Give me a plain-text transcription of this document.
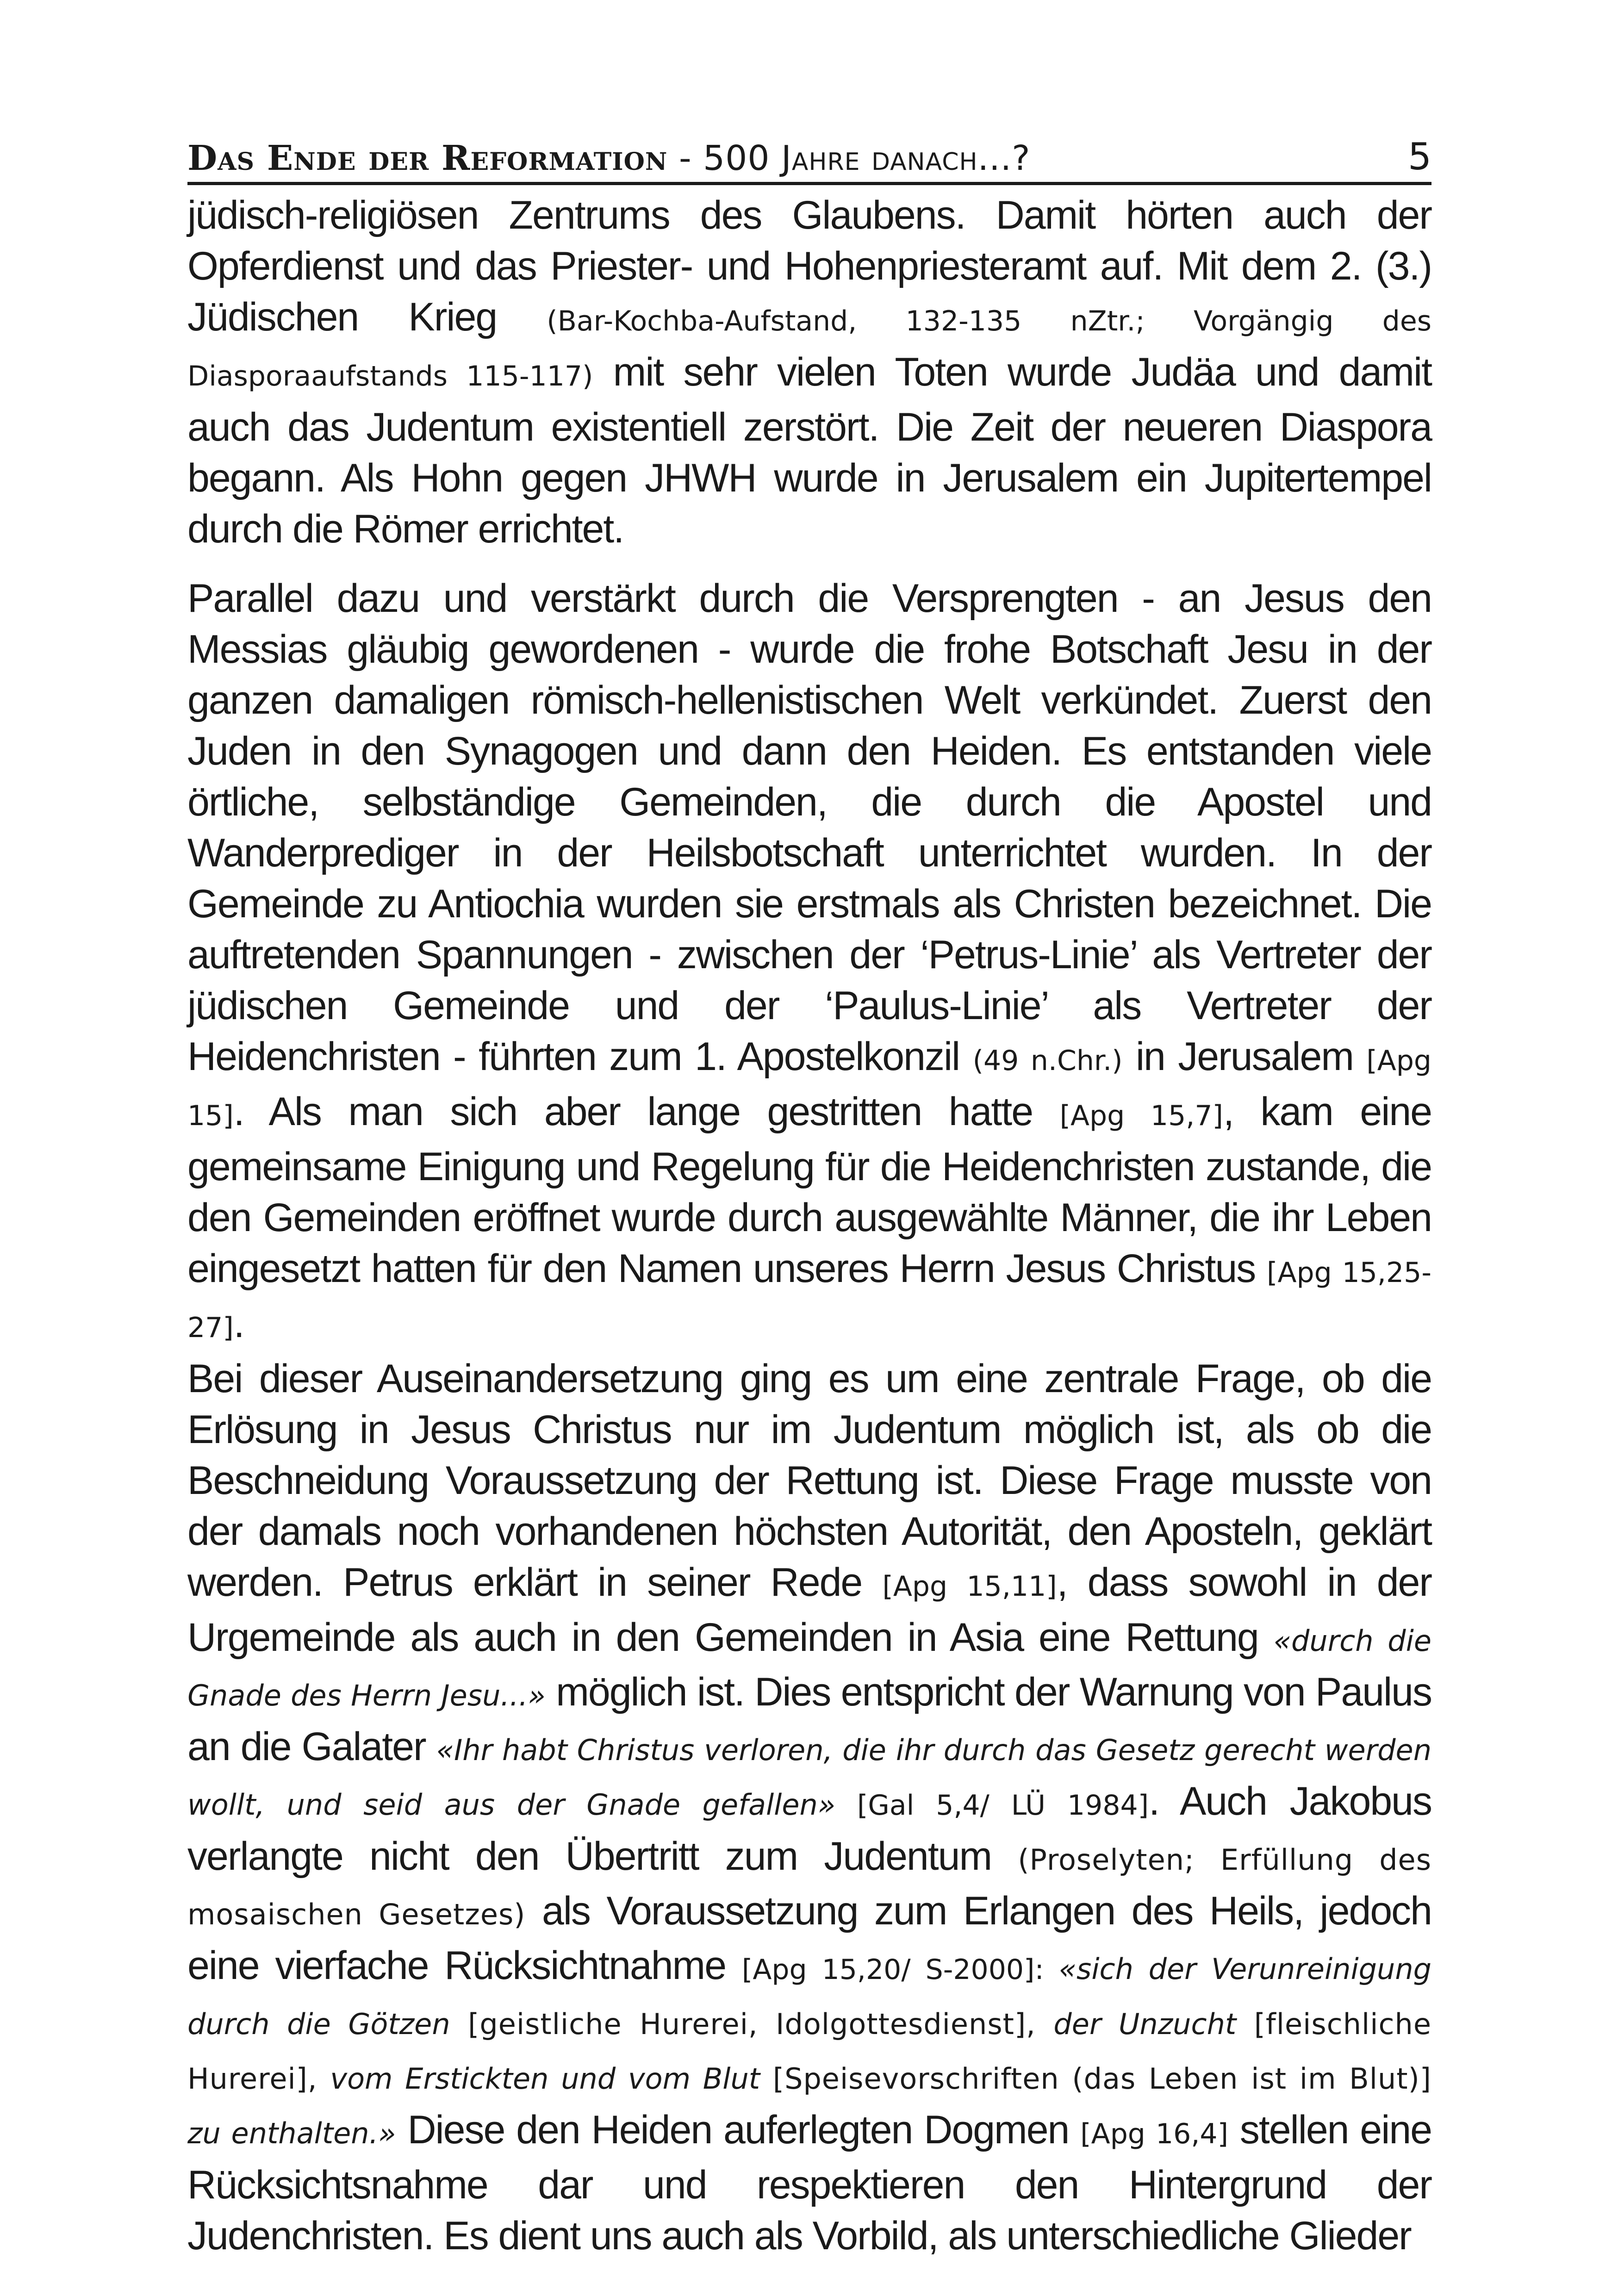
Das Ende der Reformation - 500 Jahre danach...?	5

jüdisch-religiösen Zentrums des Glaubens. Damit hörten auch der Opferdienst und das Priester- und Hohenpriesteramt auf. Mit dem 2. (3.) Jüdischen Krieg (Bar-Kochba-Aufstand, 132-135 nZtr.; Vorgängig des Diasporaaufstands 115-117) mit sehr vielen Toten wurde Judäa und damit auch das Judentum existentiell zerstört. Die Zeit der neueren Diaspora begann. Als Hohn gegen JHWH wurde in Jerusalem ein Jupitertempel durch die Römer errichtet.

Parallel dazu und verstärkt durch die Versprengten - an Jesus den Messias gläubig gewordenen - wurde die frohe Botschaft Jesu in der ganzen damaligen römisch-hellenistischen Welt verkündet. Zuerst den Juden in den Synagogen und dann den Heiden. Es entstanden viele örtliche, selbständige Gemeinden, die durch die Apostel und Wanderprediger in der Heilsbotschaft unterrichtet wurden. In der Gemeinde zu Antiochia wurden sie erstmals als Christen bezeichnet. Die auftretenden Spannungen - zwischen der ‘Petrus-Linie’ als Vertreter der jüdischen Gemeinde und der ‘Paulus-Linie’ als Vertreter der Heidenchristen - führten zum 1. Apostelkonzil (49 n.Chr.) in Jerusalem [Apg 15]. Als man sich aber lange gestritten hatte [Apg 15,7], kam eine gemeinsame Einigung und Regelung für die Heidenchristen zustande, die den Gemeinden eröffnet wurde durch ausgewählte Männer, die ihr Leben eingesetzt hatten für den Namen unseres Herrn Jesus Christus [Apg 15,25-27].

Bei dieser Auseinandersetzung ging es um eine zentrale Frage, ob die Erlösung in Jesus Christus nur im Judentum möglich ist, als ob die Beschneidung Voraussetzung der Rettung ist. Diese Frage musste von der damals noch vorhandenen höchsten Autorität, den Aposteln, geklärt werden. Petrus erklärt in seiner Rede [Apg 15,11], dass sowohl in der Urgemeinde als auch in den Gemeinden in Asia eine Rettung «durch die Gnade des Herrn Jesu...» möglich ist. Dies entspricht der Warnung von Paulus an die Galater «Ihr habt Christus verloren, die ihr durch das Gesetz gerecht werden wollt, und seid aus der Gnade gefallen» [Gal 5,4/ LÜ 1984]. Auch Jakobus verlangte nicht den Übertritt zum Judentum (Proselyten; Erfüllung des mosaischen Gesetzes) als Voraussetzung zum Erlangen des Heils, jedoch eine vierfache Rücksichtnahme [Apg 15,20/ S-2000]: «sich der Verunreinigung durch die Götzen [geistliche Hurerei, Idolgottesdienst], der Unzucht [fleischliche Hurerei], vom Erstickten und vom Blut [Speisevorschriften (das Leben ist im Blut)] zu enthalten.» Diese den Heiden auferlegten Dogmen [Apg 16,4] stellen eine Rücksichtsnahme dar und respektieren den Hintergrund der Judenchristen. Es dient uns auch als Vorbild, als unterschiedliche Glieder
